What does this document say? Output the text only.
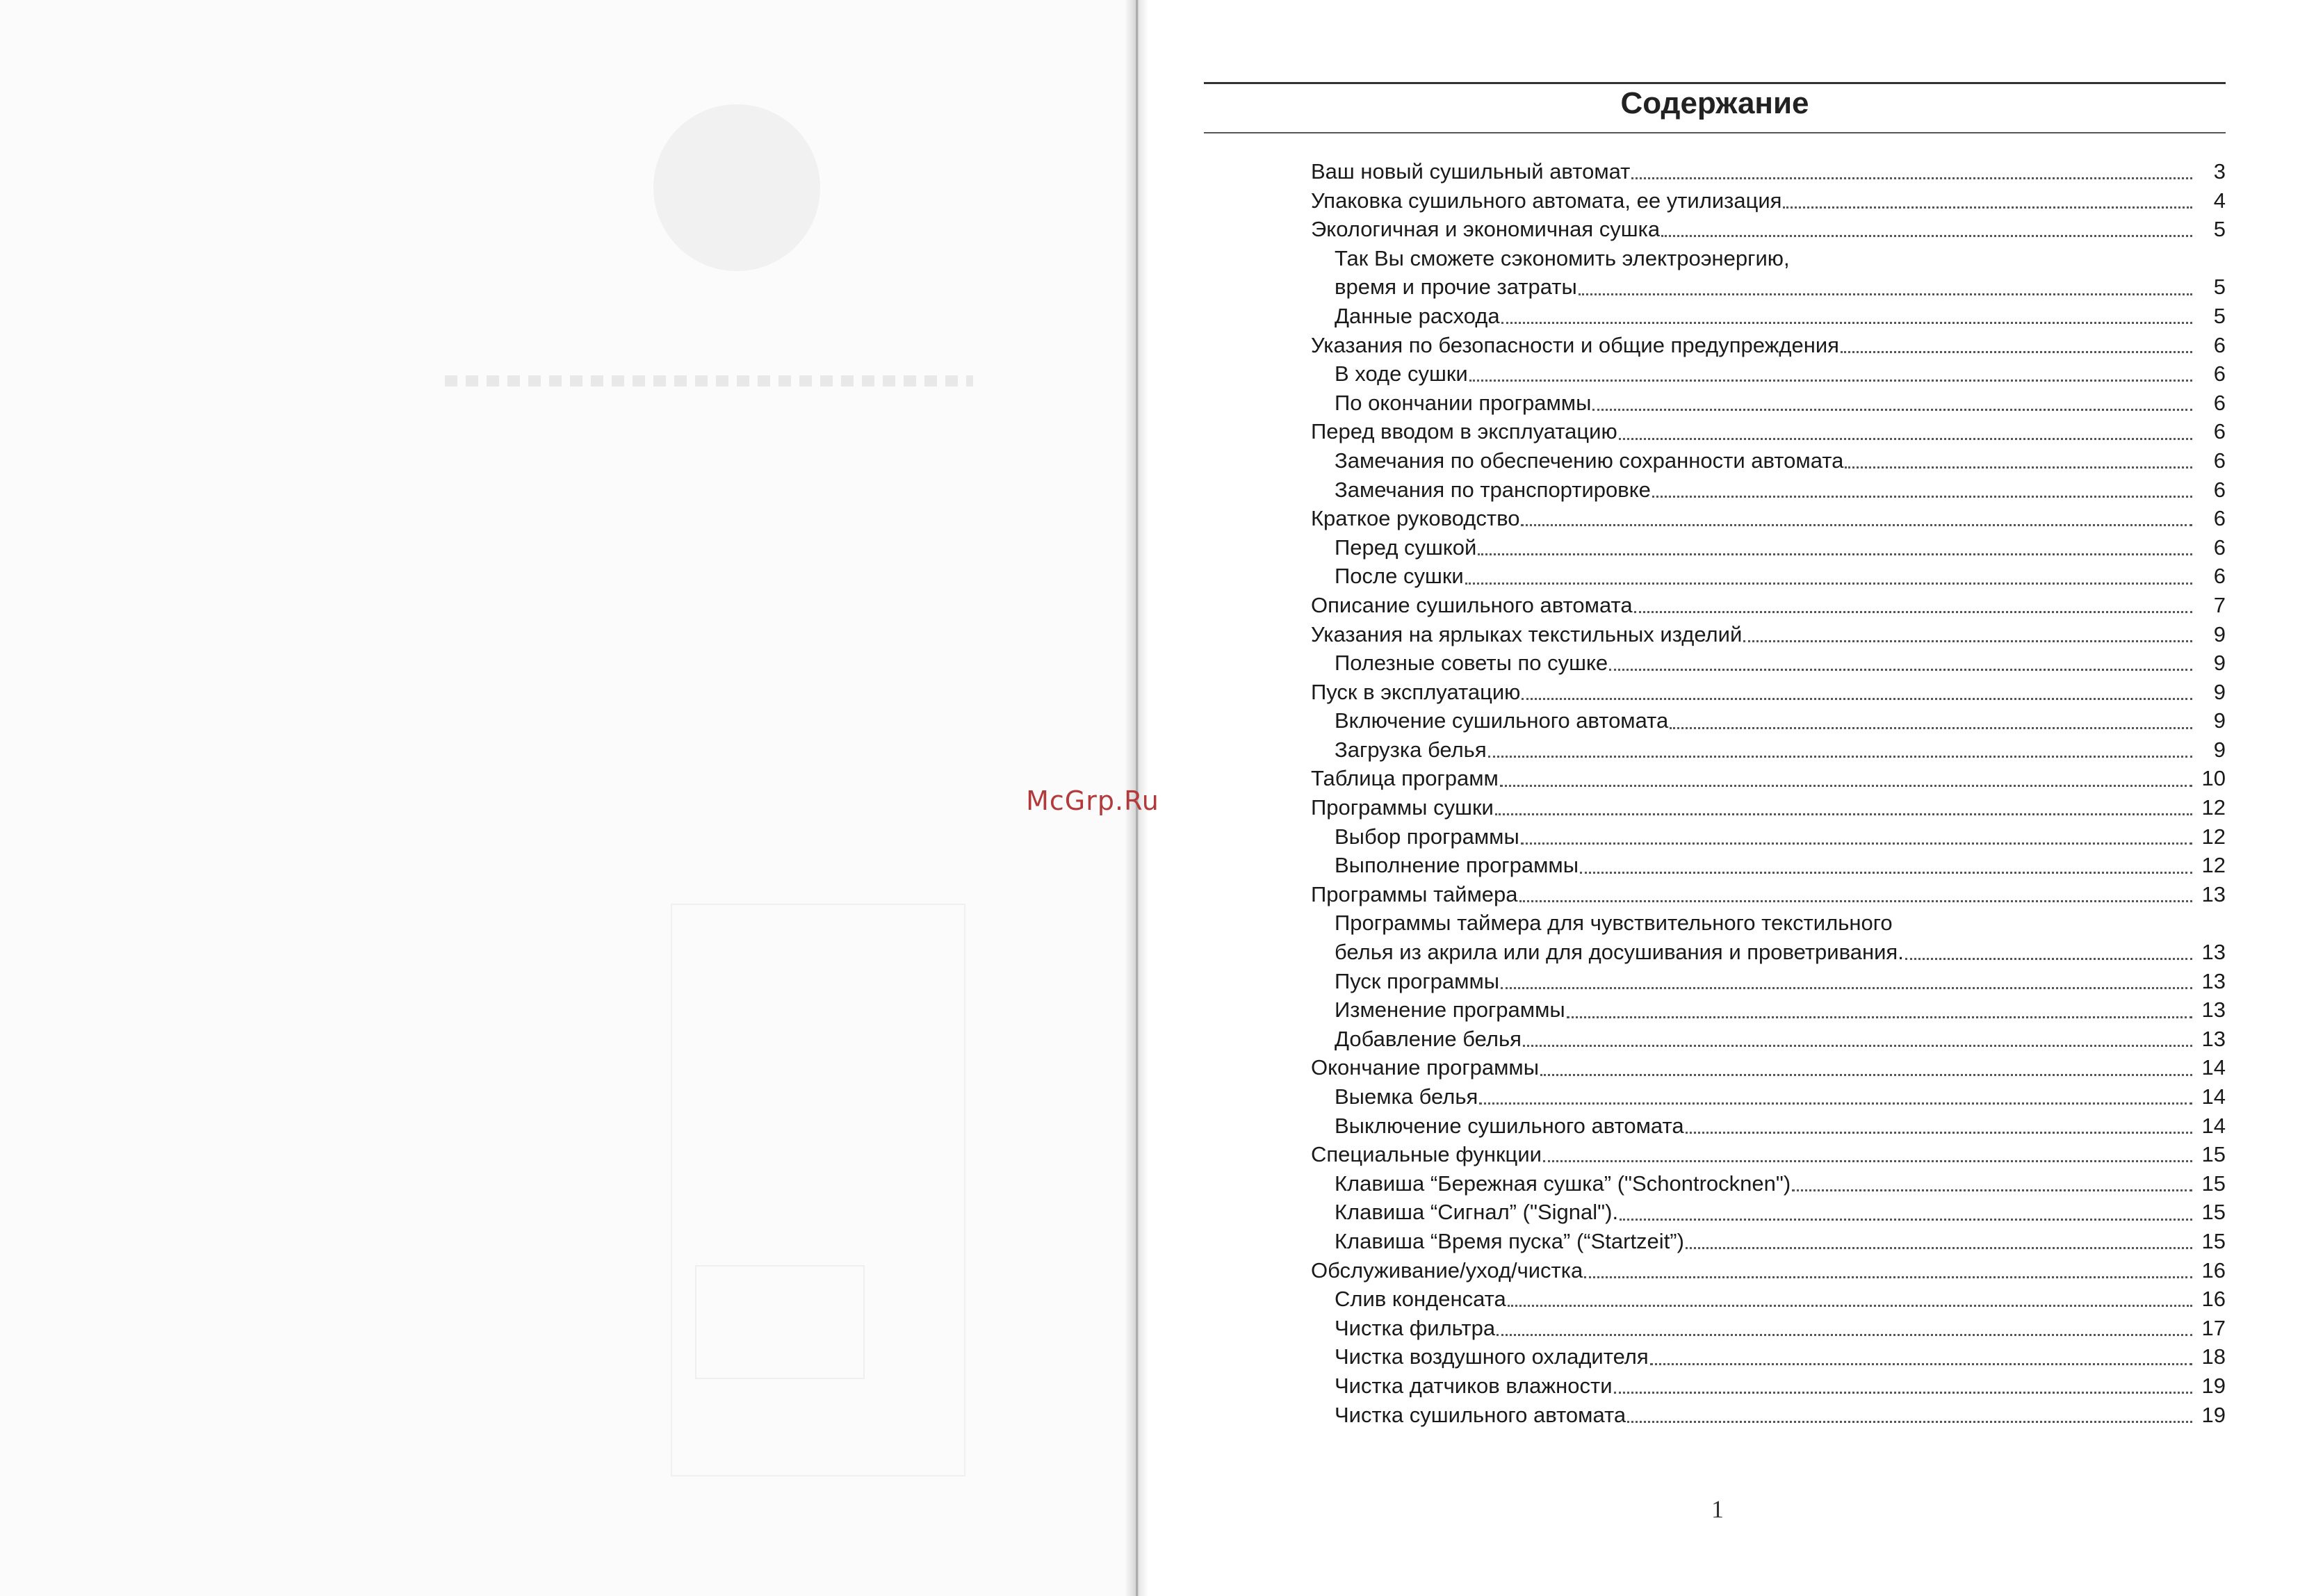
McGrp.Ru
Содержание
Ваш новый сушильный автомат	3
Упаковка сушильного автомата, ее утилизация	4
Экологичная и экономичная сушка	5
Так Вы сможете сэкономить электроэнергию,
время и прочие затраты	5
Данные расхода	5
Указания по безопасности и общие предупреждения	6
В ходе сушки	6
По окончании программы	6
Перед вводом в эксплуатацию	6
Замечания по обеспечению сохранности автомата	6
Замечания по транспортировке	6
Краткое руководство	6
Перед сушкой	6
После сушки	6
Описание сушильного автомата	7
Указания на ярлыках текстильных изделий	9
Полезные советы по сушке	9
Пуск в эксплуатацию	9
Включение сушильного автомата	9
Загрузка белья	9
Таблица программ	10
Программы сушки	12
Выбор программы	12
Выполнение программы	12
Программы таймера	13
Программы таймера для чувствительного текстильного
белья из акрила или для досушивания и проветривания.	13
Пуск программы	13
Изменение программы	13
Добавление белья	13
Окончание программы	14
Выемка белья	14
Выключение сушильного автомата	14
Специальные функции	15
Клавиша “Бережная сушка” ("Schontrocknen")	15
Клавиша “Сигнал” ("Signal").	15
Клавиша “Время пуска” (“Startzeit”)	15
Обслуживание/уход/чистка	16
Слив конденсата	16
Чистка фильтра	17
Чистка воздушного охладителя	18
Чистка датчиков влажности	19
Чистка сушильного автомата	19
1
